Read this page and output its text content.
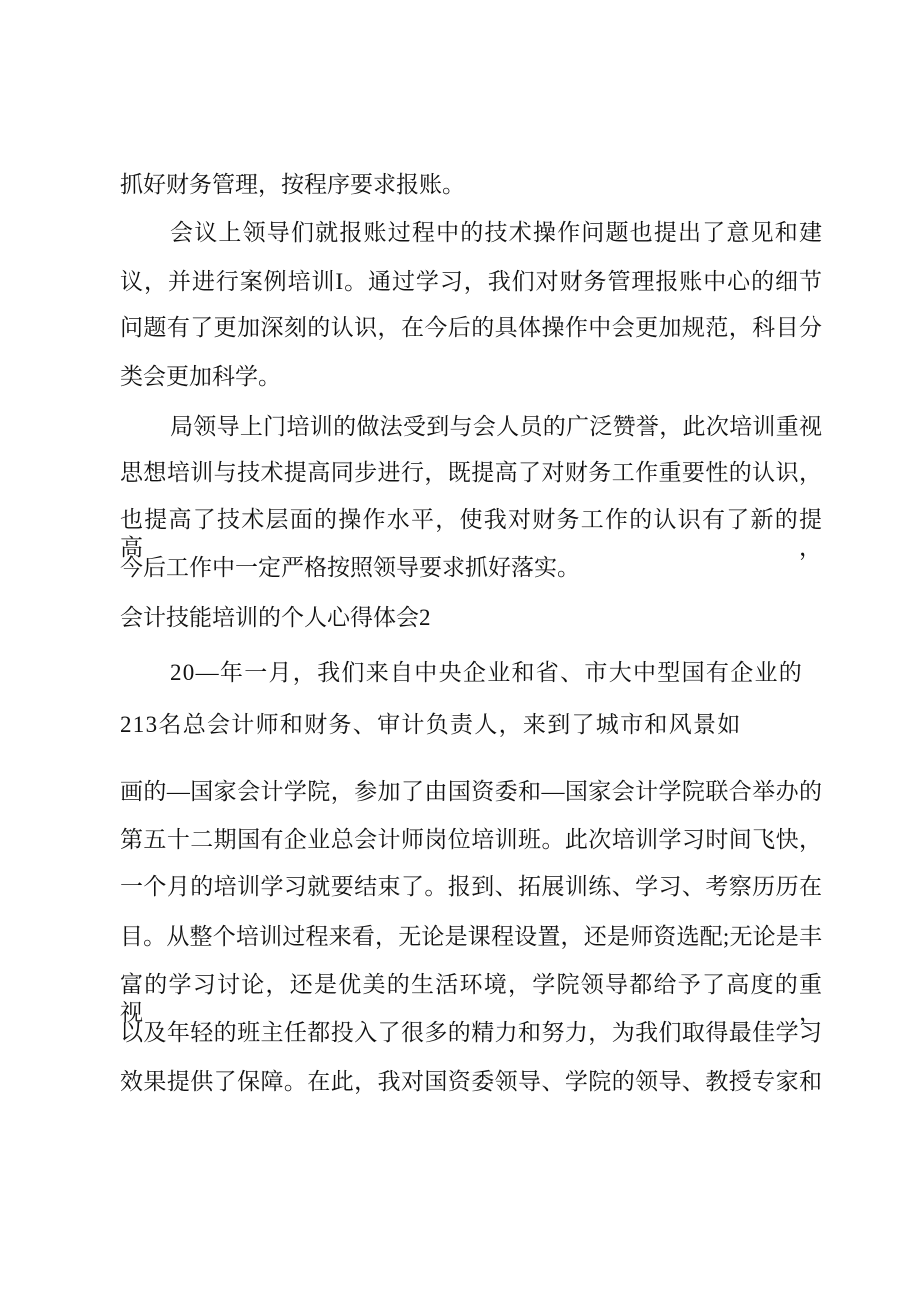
抓好财务管理，按程序要求报账。
会议上领导们就报账过程中的技术操作问题也提出了意见和建
议，并进行案例培训I。通过学习，我们对财务管理报账中心的细节
问题有了更加深刻的认识，在今后的具体操作中会更加规范，科目分
类会更加科学。
局领导上门培训的做法受到与会人员的广泛赞誉，此次培训重视
思想培训与技术提高同步进行，既提高了对财务工作重要性的认识，
也提高了技术层面的操作水平，使我对财务工作的认识有了新的提高，
今后工作中一定严格按照领导要求抓好落实。
会计技能培训的个人心得体会2
20—年一月，我们来自中央企业和省、市大中型国有企业的
213名总会计师和财务、审计负责人，来到了城市和风景如
画的—国家会计学院，参加了由国资委和—国家会计学院联合举办的
第五十二期国有企业总会计师岗位培训班。此次培训学习时间飞快，
一个月的培训学习就要结束了。报到、拓展训练、学习、考察历历在
目。从整个培训过程来看，无论是课程设置，还是师资选配;无论是丰
富的学习讨论，还是优美的生活环境，学院领导都给予了高度的重视，
以及年轻的班主任都投入了很多的精力和努力，为我们取得最佳学习
效果提供了保障。在此，我对国资委领导、学院的领导、教授专家和
